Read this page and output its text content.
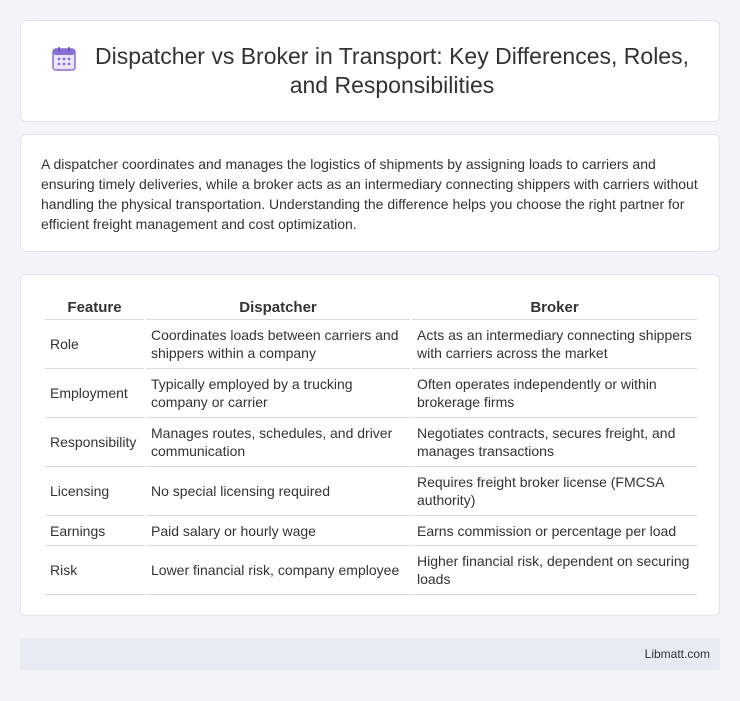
Dispatcher vs Broker in Transport: Key Differences, Roles, and Responsibilities

A dispatcher coordinates and manages the logistics of shipments by assigning loads to carriers and ensuring timely deliveries, while a broker acts as an intermediary connecting shippers with carriers without handling the physical transportation. Understanding the difference helps you choose the right partner for efficient freight management and cost optimization.

Feature	Dispatcher	Broker
Role	Coordinates loads between carriers and shippers within a company	Acts as an intermediary connecting shippers with carriers across the market
Employment	Typically employed by a trucking company or carrier	Often operates independently or within brokerage firms
Responsibility	Manages routes, schedules, and driver communication	Negotiates contracts, secures freight, and manages transactions
Licensing	No special licensing required	Requires freight broker license (FMCSA authority)
Earnings	Paid salary or hourly wage	Earns commission or percentage per load
Risk	Lower financial risk, company employee	Higher financial risk, dependent on securing loads
Libmatt.com
